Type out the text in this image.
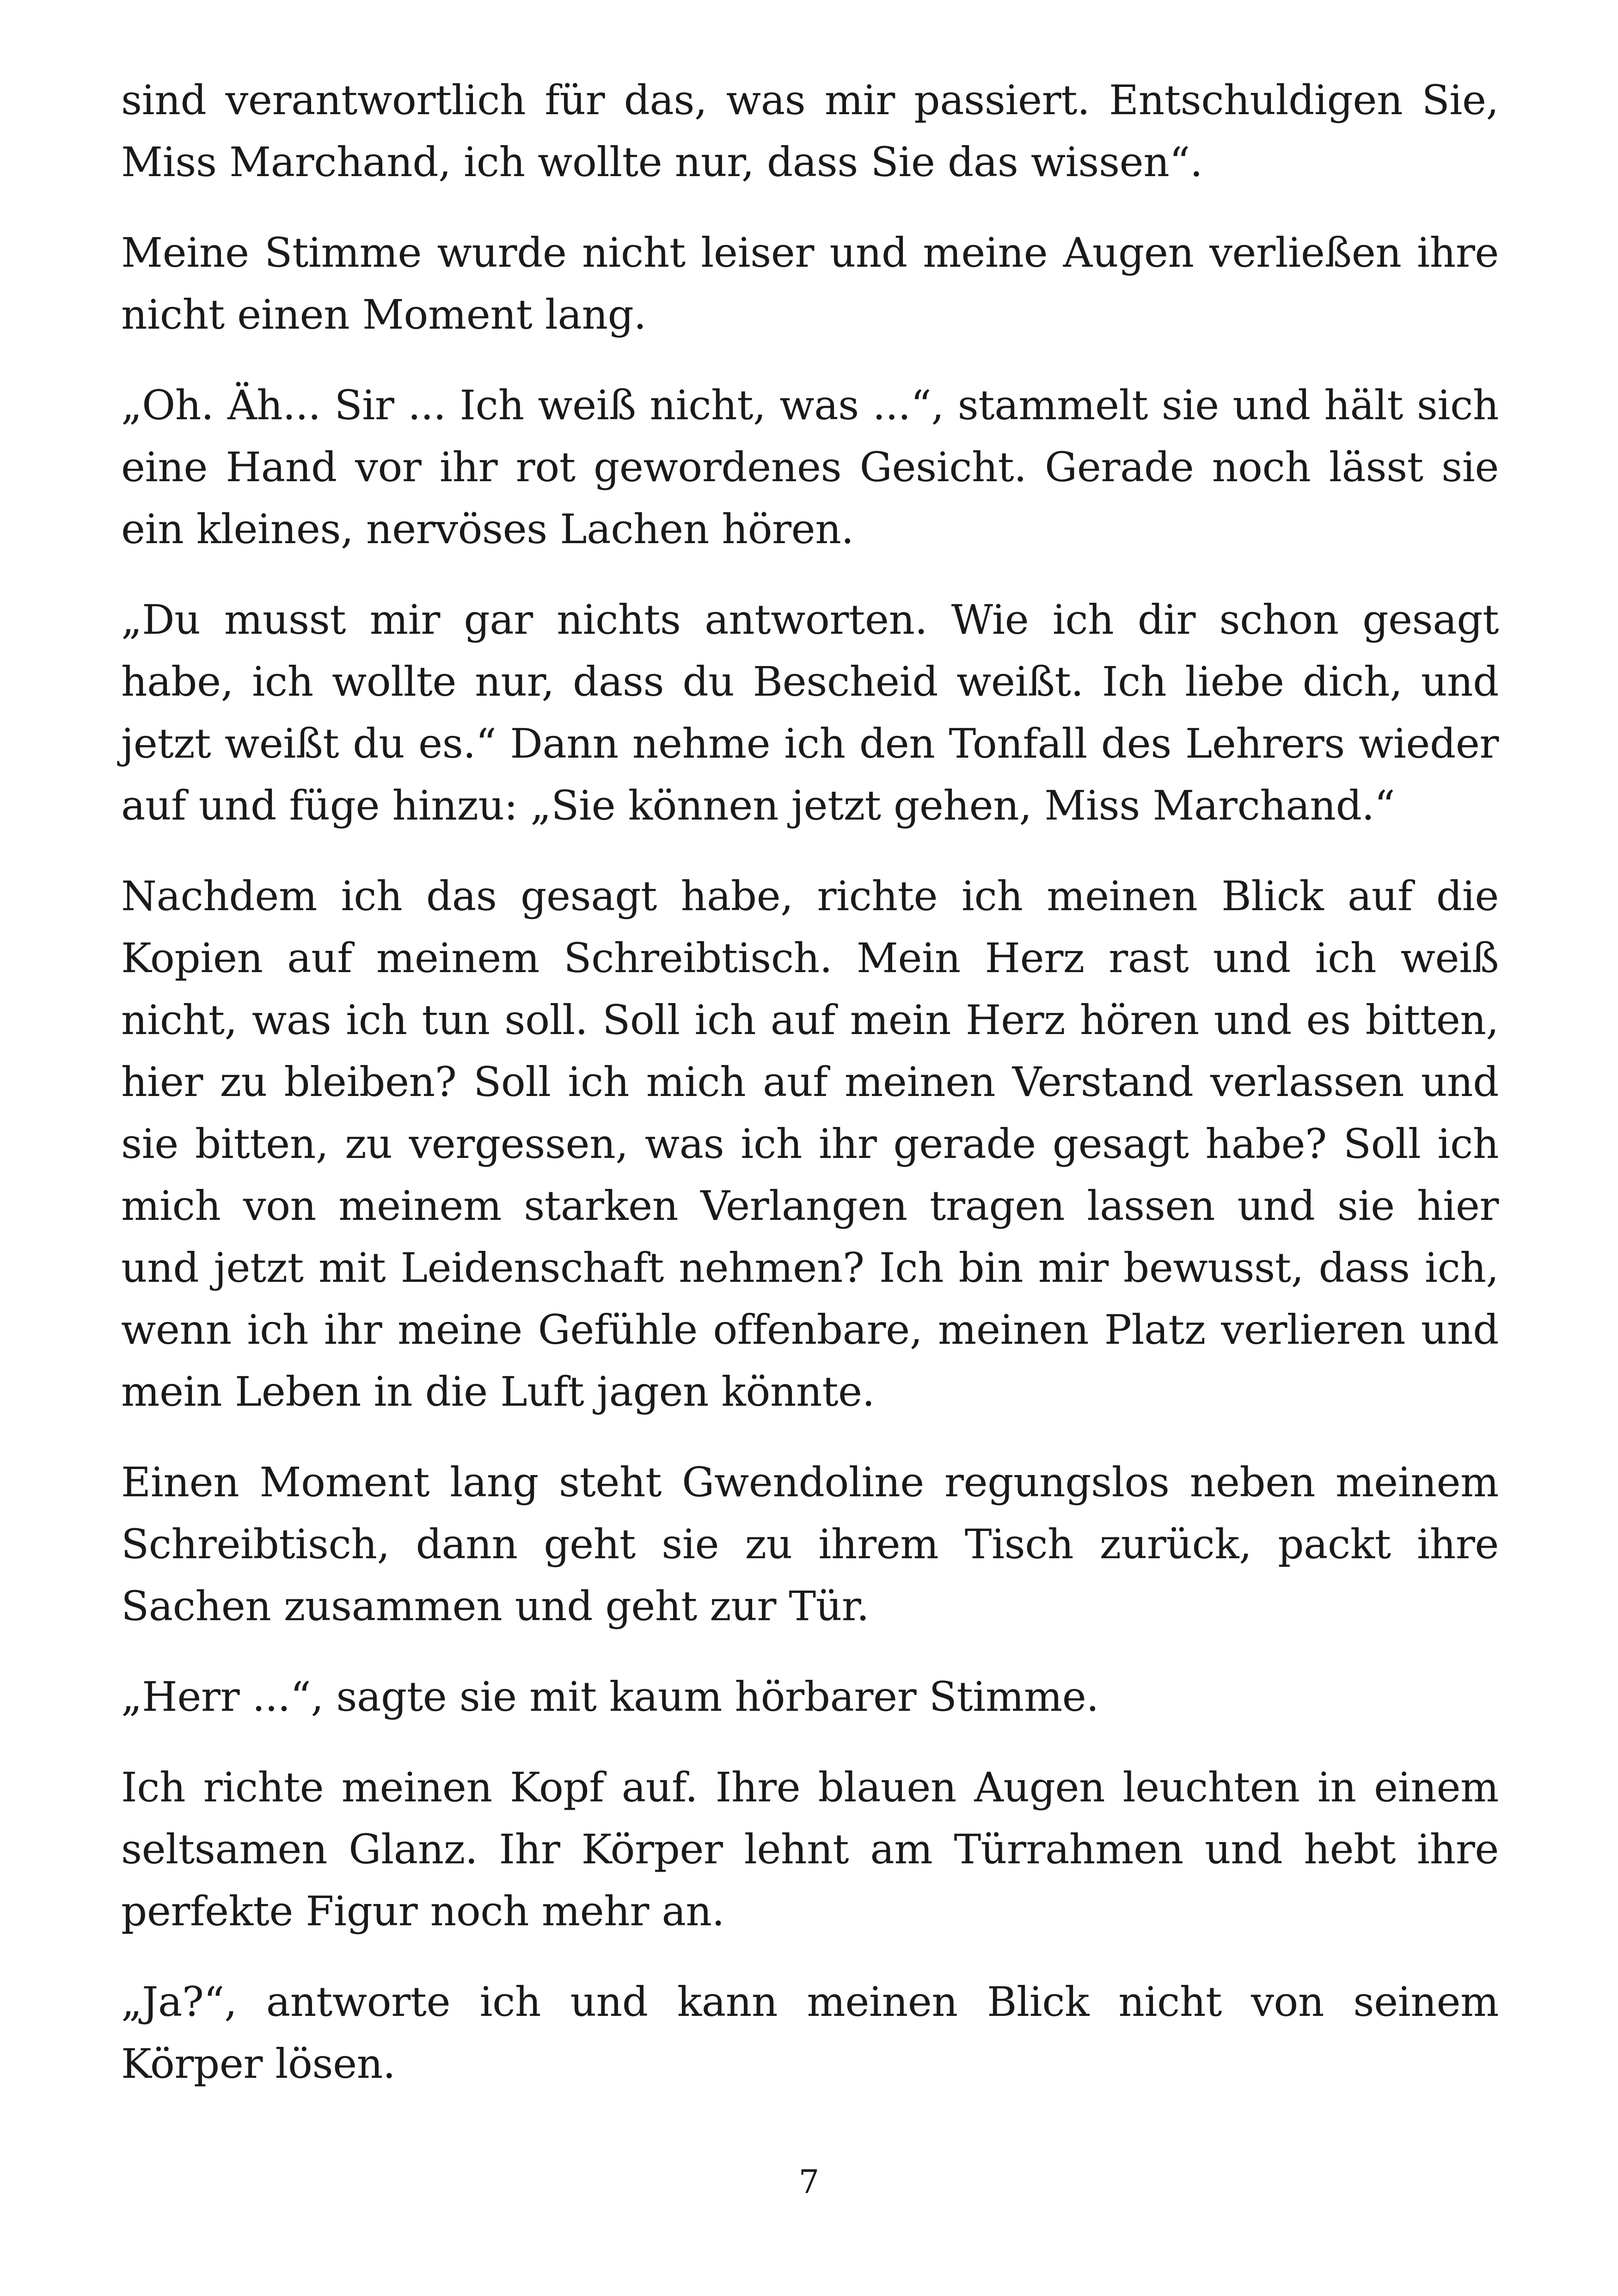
sind verantwortlich für das, was mir passiert. Entschuldigen Sie, Miss Marchand, ich wollte nur, dass Sie das wissen“.

Meine Stimme wurde nicht leiser und meine Augen verließen ihre nicht einen Moment lang.

„Oh. Äh... Sir ... Ich weiß nicht, was ...“, stammelt sie und hält sich eine Hand vor ihr rot gewordenes Gesicht. Gerade noch lässt sie ein kleines, nervöses Lachen hören.

„Du musst mir gar nichts antworten. Wie ich dir schon gesagt habe, ich wollte nur, dass du Bescheid weißt. Ich liebe dich, und jetzt weißt du es.“ Dann nehme ich den Tonfall des Lehrers wieder auf und füge hinzu: „Sie können jetzt gehen, Miss Marchand.“

Nachdem ich das gesagt habe, richte ich meinen Blick auf die Kopien auf meinem Schreibtisch. Mein Herz rast und ich weiß nicht, was ich tun soll. Soll ich auf mein Herz hören und es bitten, hier zu bleiben? Soll ich mich auf meinen Verstand verlassen und sie bitten, zu vergessen, was ich ihr gerade gesagt habe? Soll ich mich von meinem starken Verlangen tragen lassen und sie hier und jetzt mit Leidenschaft nehmen? Ich bin mir bewusst, dass ich, wenn ich ihr meine Gefühle offenbare, meinen Platz verlieren und mein Leben in die Luft jagen könnte.

Einen Moment lang steht Gwendoline regungslos neben meinem Schreibtisch, dann geht sie zu ihrem Tisch zurück, packt ihre Sachen zusammen und geht zur Tür.

„Herr ...“, sagte sie mit kaum hörbarer Stimme.

Ich richte meinen Kopf auf. Ihre blauen Augen leuchten in einem seltsamen Glanz. Ihr Körper lehnt am Türrahmen und hebt ihre perfekte Figur noch mehr an.

„Ja?“, antworte ich und kann meinen Blick nicht von seinem Körper lösen.

7
